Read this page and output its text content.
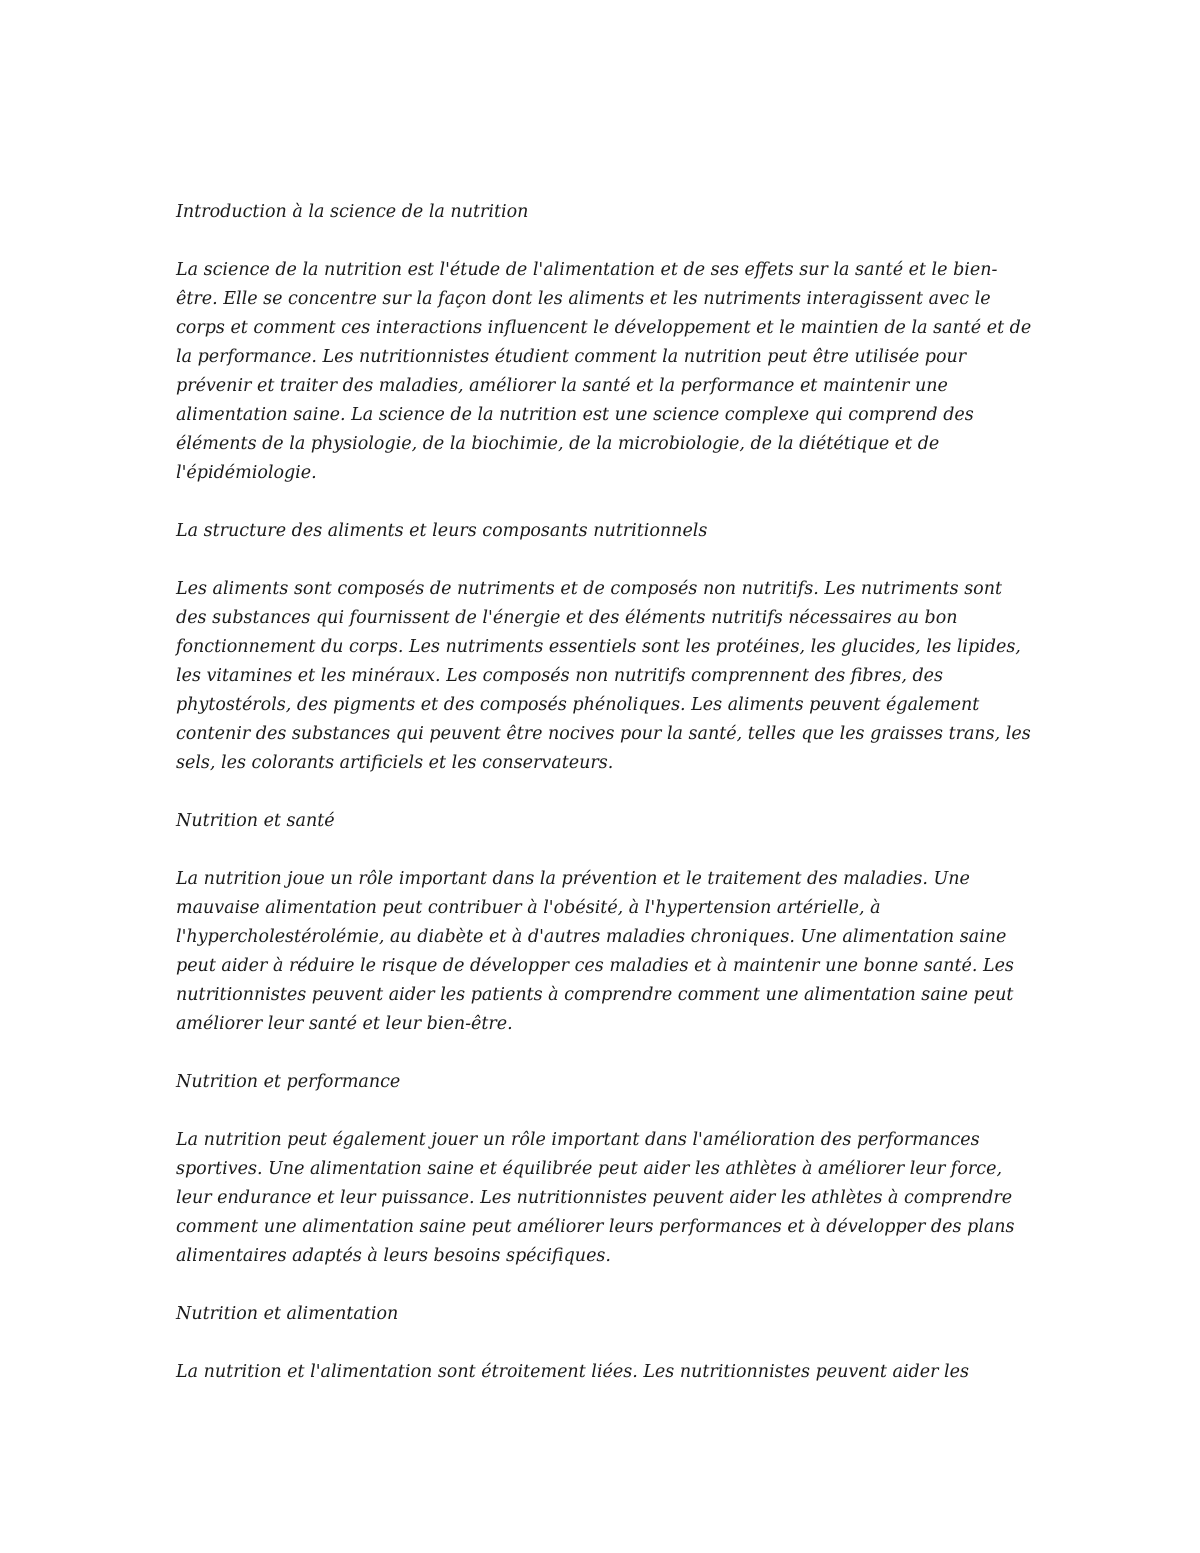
Introduction à la science de la nutrition

La science de la nutrition est l'étude de l'alimentation et de ses effets sur la santé et le bien-être. Elle se concentre sur la façon dont les aliments et les nutriments interagissent avec le corps et comment ces interactions influencent le développement et le maintien de la santé et de la performance. Les nutritionnistes étudient comment la nutrition peut être utilisée pour prévenir et traiter des maladies, améliorer la santé et la performance et maintenir une alimentation saine. La science de la nutrition est une science complexe qui comprend des éléments de la physiologie, de la biochimie, de la microbiologie, de la diététique et de l'épidémiologie.

La structure des aliments et leurs composants nutritionnels

Les aliments sont composés de nutriments et de composés non nutritifs. Les nutriments sont des substances qui fournissent de l'énergie et des éléments nutritifs nécessaires au bon fonctionnement du corps. Les nutriments essentiels sont les protéines, les glucides, les lipides, les vitamines et les minéraux. Les composés non nutritifs comprennent des fibres, des phytostérols, des pigments et des composés phénoliques. Les aliments peuvent également contenir des substances qui peuvent être nocives pour la santé, telles que les graisses trans, les sels, les colorants artificiels et les conservateurs.

Nutrition et santé

La nutrition joue un rôle important dans la prévention et le traitement des maladies. Une mauvaise alimentation peut contribuer à l'obésité, à l'hypertension artérielle, à l'hypercholestérolémie, au diabète et à d'autres maladies chroniques. Une alimentation saine peut aider à réduire le risque de développer ces maladies et à maintenir une bonne santé. Les nutritionnistes peuvent aider les patients à comprendre comment une alimentation saine peut améliorer leur santé et leur bien-être.

Nutrition et performance

La nutrition peut également jouer un rôle important dans l'amélioration des performances sportives. Une alimentation saine et équilibrée peut aider les athlètes à améliorer leur force, leur endurance et leur puissance. Les nutritionnistes peuvent aider les athlètes à comprendre comment une alimentation saine peut améliorer leurs performances et à développer des plans alimentaires adaptés à leurs besoins spécifiques.

Nutrition et alimentation

La nutrition et l'alimentation sont étroitement liées. Les nutritionnistes peuvent aider les
